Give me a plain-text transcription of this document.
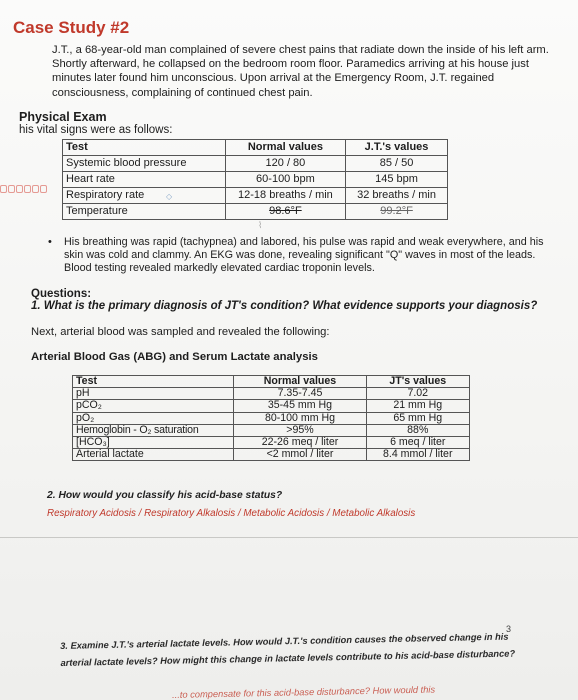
Case Study #2
J.T., a 68-year-old man complained of severe chest pains that radiate down the inside of his left arm. Shortly afterward, he collapsed on the bedroom room floor. Paramedics arriving at his house just minutes later found him unconscious. Upon arrival at the Emergency Room, J.T. regained consciousness, complaining of continued chest pain.
Physical Exam
his vital signs were as follows:
Test	Normal values	J.T.'s values
Systemic blood pressure	120 / 80	85 / 50
Heart rate	60-100 bpm	145 bpm
Respiratory rate	12-18 breaths / min	32 breaths / min
Temperature	98.6°F	99.2°F
◇
⌇
• His breathing was rapid (tachypnea) and labored, his pulse was rapid and weak everywhere, and his skin was cold and clammy. An EKG was done, revealing significant "Q" waves in most of the leads. Blood testing revealed markedly elevated cardiac troponin levels.
Questions:
1. What is the primary diagnosis of JT's condition? What evidence supports your diagnosis?
Next, arterial blood was sampled and revealed the following:
Arterial Blood Gas (ABG) and Serum Lactate analysis
Test	Normal values	JT's values
pH	7.35-7.45	7.02
pCO₂	35-45 mm Hg	21 mm Hg
pO₂	80-100 mm Hg	65 mm Hg
Hemoglobin - O₂ saturation	>95%	88%
[HCO₃]	22-26 meq / liter	6 meq / liter
Arterial lactate	<2 mmol / liter	8.4 mmol / liter
2. How would you classify his acid-base status?
Respiratory Acidosis / Respiratory Alkalosis / Metabolic Acidosis / Metabolic Alkalosis
3
3. Examine J.T.'s arterial lactate levels. How would J.T.'s condition causes the observed change in his arterial lactate levels? How might this change in lactate levels contribute to his acid-base disturbance?
...to compensate for this acid-base disturbance? How would this
